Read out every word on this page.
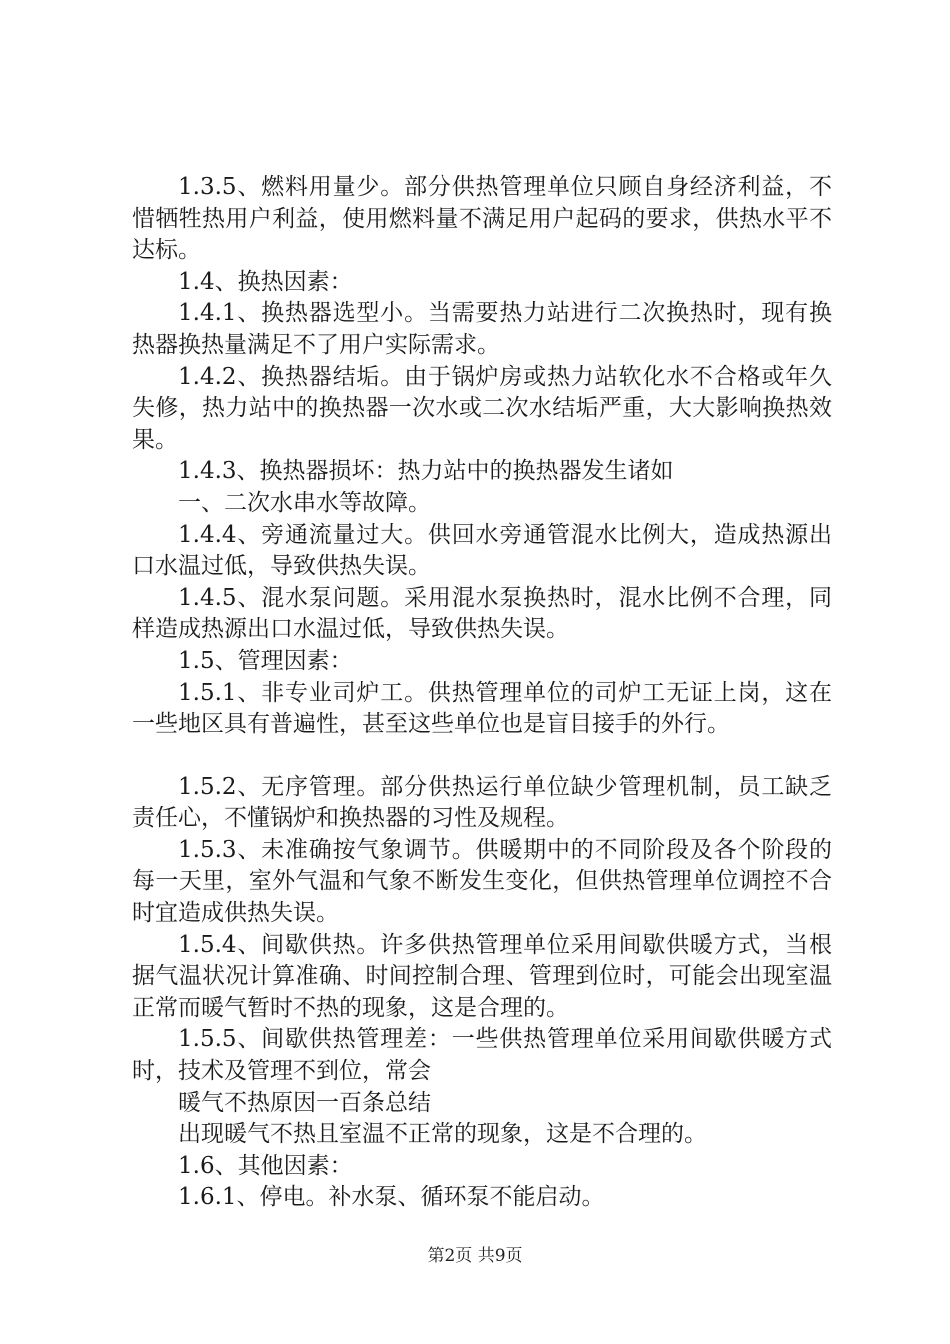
1.3.5、燃料用量少。部分供热管理单位只顾自身经济利益，不惜牺牲热用户利益，使用燃料量不满足用户起码的要求，供热水平不达标。

1.4、换热因素：

1.4.1、换热器选型小。当需要热力站进行二次换热时，现有换热器换热量满足不了用户实际需求。

1.4.2、换热器结垢。由于锅炉房或热力站软化水不合格或年久失修，热力站中的换热器一次水或二次水结垢严重，大大影响换热效果。

1.4.3、换热器损坏：热力站中的换热器发生诸如

一、二次水串水等故障。

1.4.4、旁通流量过大。供回水旁通管混水比例大，造成热源出口水温过低，导致供热失误。

1.4.5、混水泵问题。采用混水泵换热时，混水比例不合理，同样造成热源出口水温过低，导致供热失误。

1.5、管理因素：

1.5.1、非专业司炉工。供热管理单位的司炉工无证上岗，这在一些地区具有普遍性，甚至这些单位也是盲目接手的外行。

1.5.2、无序管理。部分供热运行单位缺少管理机制，员工缺乏责任心，不懂锅炉和换热器的习性及规程。

1.5.3、未准确按气象调节。供暖期中的不同阶段及各个阶段的每一天里，室外气温和气象不断发生变化，但供热管理单位调控不合时宜造成供热失误。

1.5.4、间歇供热。许多供热管理单位采用间歇供暖方式，当根据气温状况计算准确、时间控制合理、管理到位时，可能会出现室温正常而暖气暂时不热的现象，这是合理的。

1.5.5、间歇供热管理差：一些供热管理单位采用间歇供暖方式时，技术及管理不到位，常会

暖气不热原因一百条总结

出现暖气不热且室温不正常的现象，这是不合理的。

1.6、其他因素：

1.6.1、停电。补水泵、循环泵不能启动。

第2页 共9页
